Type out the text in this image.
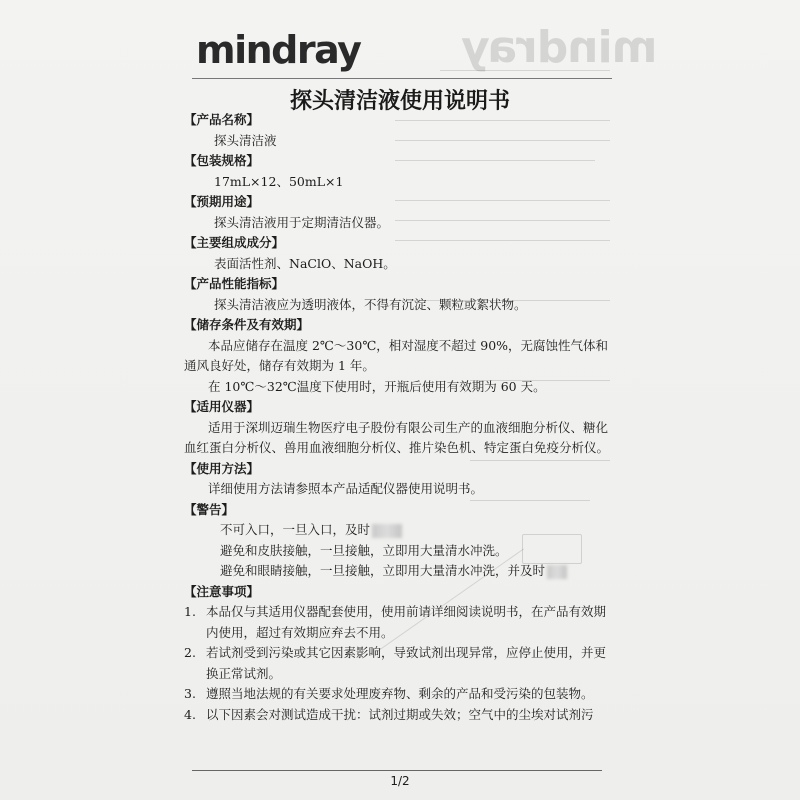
mindray
mindray
探头清洁液使用说明书
【产品名称】
探头清洁液
【包装规格】
17mL×12、50mL×1
【预期用途】
探头清洁液用于定期清洁仪器。
【主要组成成分】
表面活性剂、NaClO、NaOH。
【产品性能指标】
探头清洁液应为透明液体，不得有沉淀、颗粒或絮状物。
【储存条件及有效期】
本品应储存在温度 2℃～30℃，相对湿度不超过 90%，无腐蚀性气体和通风良好处，储存有效期为 1 年。
在 10℃～32℃温度下使用时，开瓶后使用有效期为 60 天。
【适用仪器】
适用于深圳迈瑞生物医疗电子股份有限公司生产的血液细胞分析仪、糖化血红蛋白分析仪、兽用血液细胞分析仪、推片染色机、特定蛋白免疫分析仪。
【使用方法】
详细使用方法请参照本产品适配仪器使用说明书。
【警告】
不可入口，一旦入口，及时
避免和皮肤接触，一旦接触，立即用大量清水冲洗。
避免和眼睛接触，一旦接触，立即用大量清水冲洗，并及时
【注意事项】
1. 本品仅与其适用仪器配套使用，使用前请详细阅读说明书，在产品有效期内使用，超过有效期应弃去不用。
2. 若试剂受到污染或其它因素影响，导致试剂出现异常，应停止使用，并更换正常试剂。
3. 遵照当地法规的有关要求处理废弃物、剩余的产品和受污染的包装物。
4. 以下因素会对测试造成干扰：试剂过期或失效；空气中的尘埃对试剂污
1/2
